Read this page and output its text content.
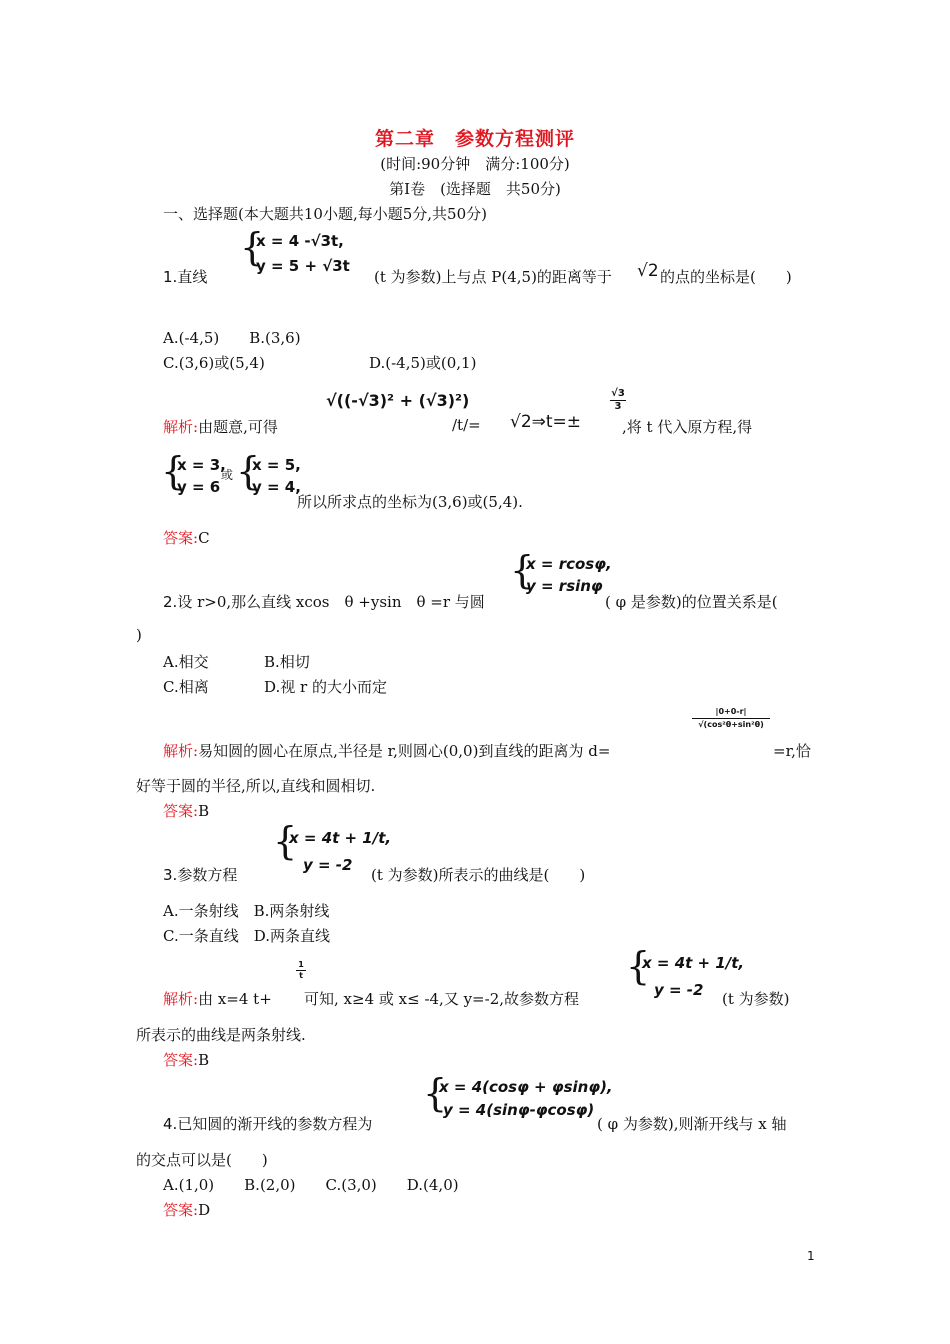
第二章　参数方程测评
(时间:90分钟　满分:100分)
第Ⅰ卷　(选择题　共50分)
一、选择题(本大题共10小题,每小题5分,共50分)
{
x = 4 -√3t,
y = 5 + √3t
1.直线	(t 为参数)上与点 P(4,5)的距离等于 √2 的点的坐标是(　　)
A.(-4,5)　　B.(3,6)
C.(3,6)或(5,4)	D.(-4,5)或(0,1)
解析:由题意,可得
√((-√3)² + (√3)²)
/t/= √2⇒t=±
√3
3
,将 t 代入原方程,得
{
x = 3,
y = 6
或 {
x = 5,
y = 4,
所以所求点的坐标为(3,6)或(5,4).
答案:C
{
x = rcosφ,
y = rsinφ
2.设 r>0,那么直线 xcos　θ +ysin　θ =r 与圆	( φ 是参数)的位置关系是(
)
A.相交	B.相切
C.相离	D.视 r 的大小而定
|0+0-r|
√(cos²θ+sin²θ)
解析:易知圆的圆心在原点,半径是 r,则圆心(0,0)到直线的距离为 d=	=r,恰
好等于圆的半径,所以,直线和圆相切.
答案:B
{
x = 4t + 1/t,
y = -2
3.参数方程	(t 为参数)所表示的曲线是(　　)
A.一条射线　B.两条射线
C.一条直线　D.两条直线
1
t
解析:由 x=4 t+ 可知, x≥4 或 x≤ -4,又 y=-2,故参数方程
{
x = 4t + 1/t,
y = -2 (t 为参数)
所表示的曲线是两条射线.
答案:B
{
x = 4(cosφ + φsinφ),
y = 4(sinφ-φcosφ)
4.已知圆的渐开线的参数方程为	( φ 为参数),则渐开线与 x 轴
的交点可以是(　　)
A.(1,0)　　B.(2,0)　　C.(3,0)　　D.(4,0)
答案:D
1
